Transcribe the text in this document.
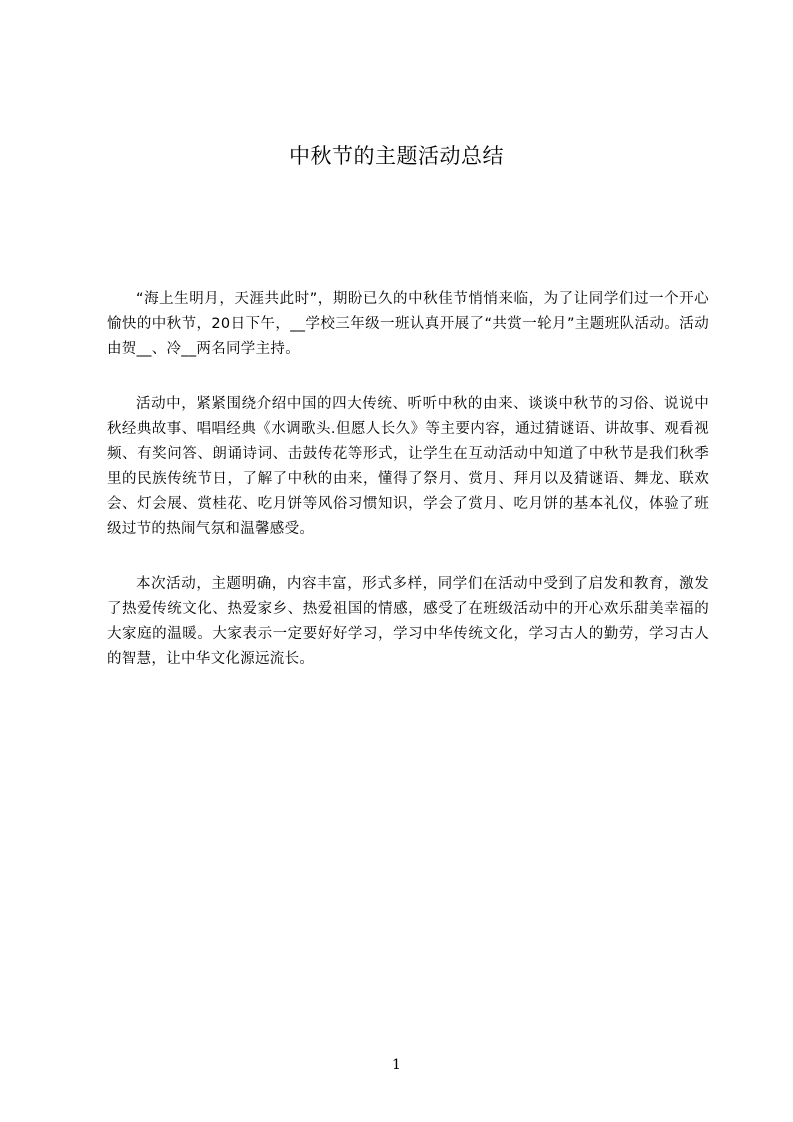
中秋节的主题活动总结

“海上生明月，天涯共此时”，期盼已久的中秋佳节悄悄来临，为了让同学们过一个开心愉快的中秋节，20日下午，__学校三年级一班认真开展了“共赏一轮月”主题班队活动。活动由贺__、冷__两名同学主持。

活动中，紧紧围绕介绍中国的四大传统、听听中秋的由来、谈谈中秋节的习俗、说说中秋经典故事、唱唱经典《水调歌头.但愿人长久》等主要内容，通过猜谜语、讲故事、观看视频、有奖问答、朗诵诗词、击鼓传花等形式，让学生在互动活动中知道了中秋节是我们秋季里的民族传统节日，了解了中秋的由来，懂得了祭月、赏月、拜月以及猜谜语、舞龙、联欢会、灯会展、赏桂花、吃月饼等风俗习惯知识，学会了赏月、吃月饼的基本礼仪，体验了班级过节的热闹气氛和温馨感受。

本次活动，主题明确，内容丰富，形式多样，同学们在活动中受到了启发和教育，激发了热爱传统文化、热爱家乡、热爱祖国的情感，感受了在班级活动中的开心欢乐甜美幸福的大家庭的温暖。大家表示一定要好好学习，学习中华传统文化，学习古人的勤劳，学习古人的智慧，让中华文化源远流长。

1
